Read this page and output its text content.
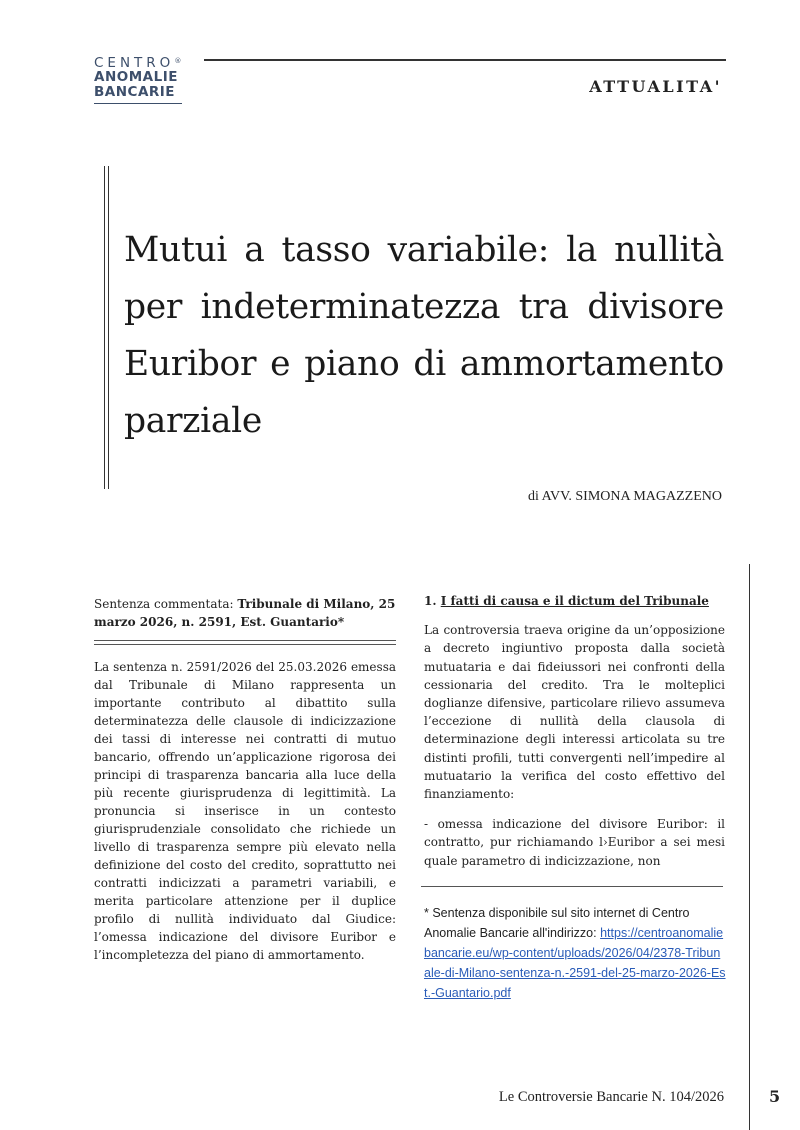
CENTRO®
ANOMALIE
BANCARIE	ATTUALITA'
Mutui a tasso variabile: la nullità per indeterminatezza tra divisore Euribor e piano di ammortamento parziale
di AVV. SIMONA MAGAZZENO

Sentenza commentata: Tribunale di Milano, 25 marzo 2026, n. 2591, Est. Guantario*

La sentenza n. 2591/2026 del 25.03.2026 emessa dal Tribunale di Milano rappresenta un importante contributo al dibattito sulla determinatezza delle clausole di indicizzazione dei tassi di interesse nei contratti di mutuo bancario, offrendo un’applicazione rigorosa dei principi di trasparenza bancaria alla luce della più recente giurisprudenza di legittimità. La pronuncia si inserisce in un contesto giurisprudenziale consolidato che richiede un livello di trasparenza sempre più elevato nella definizione del costo del credito, soprattutto nei contratti indicizzati a parametri variabili, e merita particolare attenzione per il duplice profilo di nullità individuato dal Giudice: l’omessa indicazione del divisore Euribor e l’incompletezza del piano di ammortamento.

1. I fatti di causa e il dictum del Tribunale

La controversia traeva origine da un’opposizione a decreto ingiuntivo proposta dalla società mutuataria e dai fideiussori nei confronti della cessionaria del credito. Tra le molteplici doglianze difensive, particolare rilievo assumeva l’eccezione di nullità della clausola di determinazione degli interessi articolata su tre distinti profili, tutti convergenti nell’impedire al mutuatario la verifica del costo effettivo del finanziamento:

- omessa indicazione del divisore Euribor: il contratto, pur richiamando l›Euribor a sei mesi quale parametro di indicizzazione, non

* Sentenza disponibile sul sito internet di Centro Anomalie Bancarie all'indirizzo: https://centroanomaliebancarie.eu/wp-content/uploads/2026/04/2378-Tribunale-di-Milano-sentenza-n.-2591-del-25-marzo-2026-Est.-Guantario.pdf

Le Controversie Bancarie N. 104/2026	5
